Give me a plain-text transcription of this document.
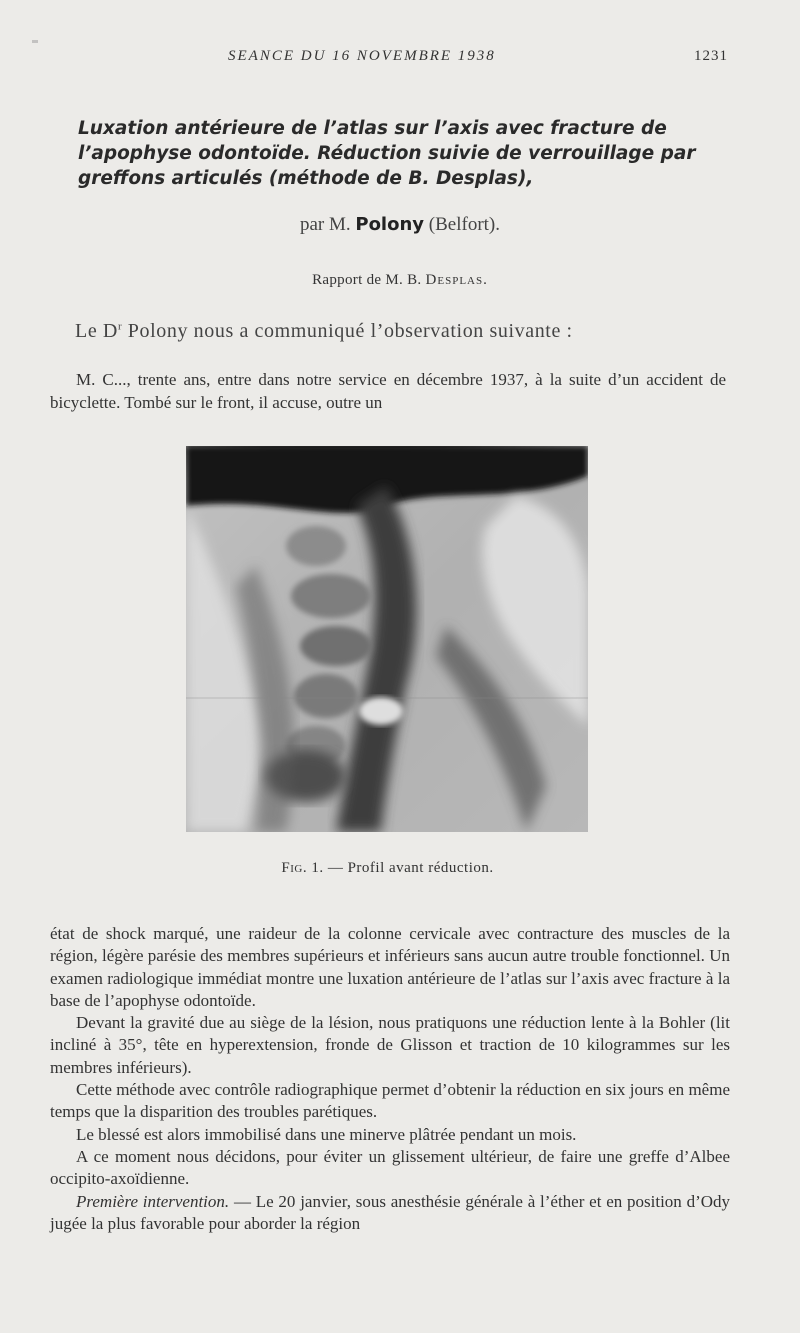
SEANCE DU 16 NOVEMBRE 1938	1231
Luxation antérieure de l’atlas sur l’axis avec fracture de l’apophyse odontoïde. Réduction suivie de verrouillage par greffons articulés (méthode de B. Desplas),
par M. Polony (Belfort).
Rapport de M. B. Desplas.
Le $D^r$ Polony nous a communiqué l’observation suivante :
M. C..., trente ans, entre dans notre service en décembre 1937, à la suite d’un accident de bicyclette. Tombé sur le front, il accuse, outre un
Fig. 1. — Profil avant réduction.

état de shock marqué, une raideur de la colonne cervicale avec contracture des muscles de la région, légère parésie des membres supérieurs et inférieurs sans aucun autre trouble fonctionnel. Un examen radiologique immédiat montre une luxation antérieure de l’atlas sur l’axis avec fracture à la base de l’apophyse odontoïde.

Devant la gravité due au siège de la lésion, nous pratiquons une réduction lente à la Bohler (lit incliné à 35°, tête en hyperextension, fronde de Glisson et traction de 10 kilogrammes sur les membres inférieurs).

Cette méthode avec contrôle radiographique permet d’obtenir la réduction en six jours en même temps que la disparition des troubles parétiques.

Le blessé est alors immobilisé dans une minerve plâtrée pendant un mois.

A ce moment nous décidons, pour éviter un glissement ultérieur, de faire une greffe d’Albee occipito-axoïdienne.

Première intervention. — Le 20 janvier, sous anesthésie générale à l’éther et en position d’Ody jugée la plus favorable pour aborder la région
